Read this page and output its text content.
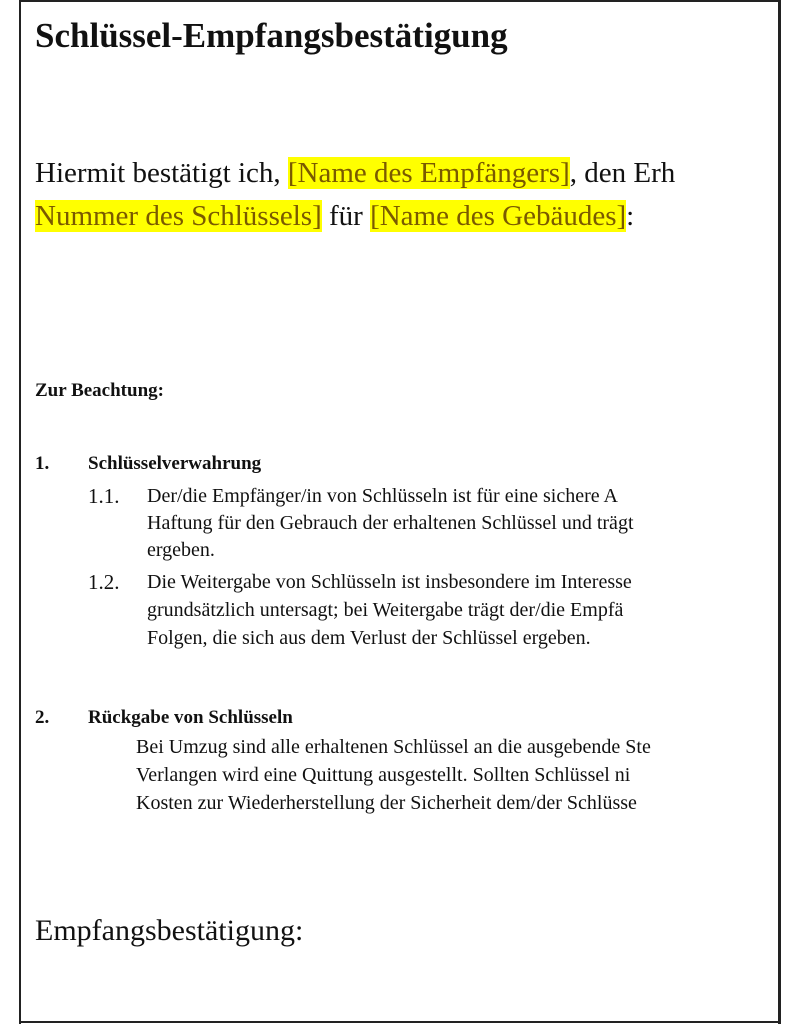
Schlüssel-Empfangsbestätigung
Hiermit bestätigt ich, [Name des Empfängers], den Erh
Nummer des Schlüssels] für [Name des Gebäudes]:
Zur Beachtung:
1. Schlüsselverwahrung
1.1. Der/die Empfänger/in von Schlüsseln ist für eine sichere A
Haftung für den Gebrauch der erhaltenen Schlüssel und trägt
ergeben.
1.2. Die Weitergabe von Schlüsseln ist insbesondere im Interesse
grundsätzlich untersagt; bei Weitergabe trägt der/die Empfä
Folgen, die sich aus dem Verlust der Schlüssel ergeben.
2. Rückgabe von Schlüsseln
Bei Umzug sind alle erhaltenen Schlüssel an die ausgebende Ste
Verlangen wird eine Quittung ausgestellt. Sollten Schlüssel ni
Kosten zur Wiederherstellung der Sicherheit dem/der Schlüsse
Empfangsbestätigung:
